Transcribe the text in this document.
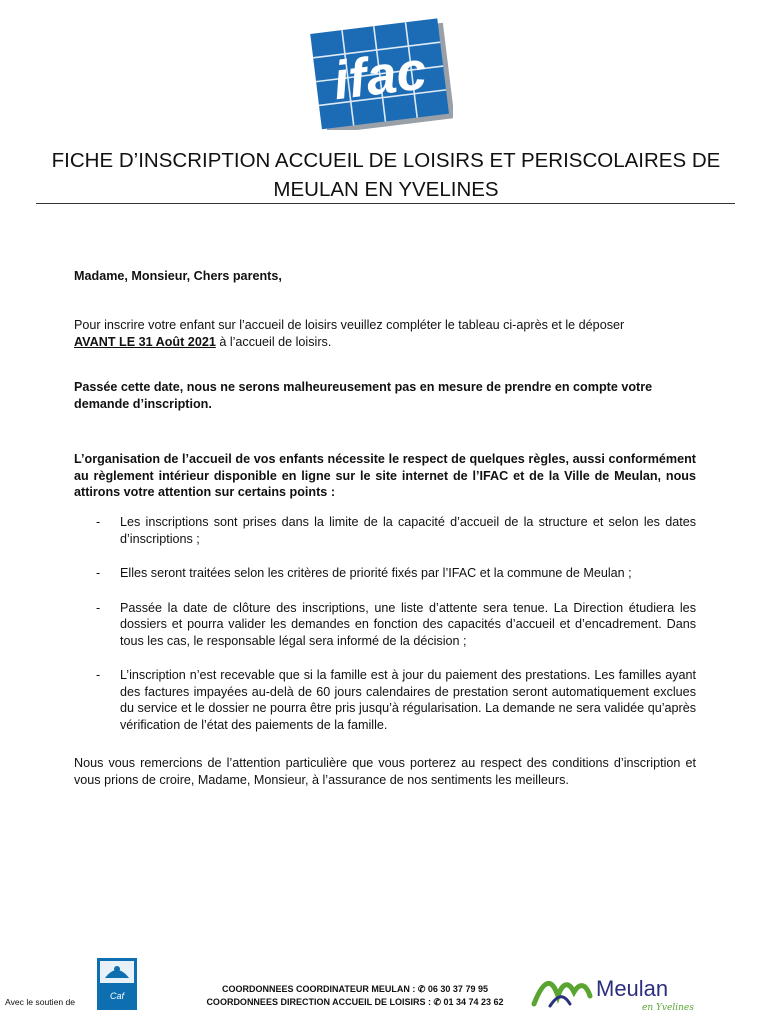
ifac
FICHE D’INSCRIPTION ACCUEIL DE LOISIRS ET PERISCOLAIRES DE
MEULAN EN YVELINES
Madame, Monsieur, Chers parents,
Pour inscrire votre enfant sur l’accueil de loisirs veuillez compléter le tableau ci-après et le déposer
AVANT LE 31 Août 2021 à l’accueil de loisirs.
Passée cette date, nous ne serons malheureusement pas en mesure de prendre en compte votre demande d’inscription.
L’organisation de l’accueil de vos enfants nécessite le respect de quelques règles, aussi conformément au règlement intérieur disponible en ligne sur le site internet de l’IFAC et de la Ville de Meulan, nous attirons votre attention sur certains points :
- Les inscriptions sont prises dans la limite de la capacité d’accueil de la structure et selon les dates d’inscriptions ;
- Elles seront traitées selon les critères de priorité fixés par l’IFAC et la commune de Meulan ;
- Passée la date de clôture des inscriptions, une liste d’attente sera tenue. La Direction étudiera les dossiers et pourra valider les demandes en fonction des capacités d’accueil et d’encadrement. Dans tous les cas, le responsable légal sera informé de la décision ;
- L’inscription n’est recevable que si la famille est à jour du paiement des prestations. Les familles ayant des factures impayées au-delà de 60 jours calendaires de prestation seront automatiquement exclues du service et le dossier ne pourra être pris jusqu’à régularisation. La demande ne sera validée qu’après vérification de l’état des paiements de la famille.
Nous vous remercions de l’attention particulière que vous porterez au respect des conditions d’inscription et vous prions de croire, Madame, Monsieur, à l’assurance de nos sentiments les meilleurs.
Avec le soutien de
Caf
COORDONNEES COORDINATEUR MEULAN : ✆ 06 30 37 79 95
COORDONNEES DIRECTION ACCUEIL DE LOISIRS : ✆ 01 34 74 23 62
Meulan
en Yvelines
